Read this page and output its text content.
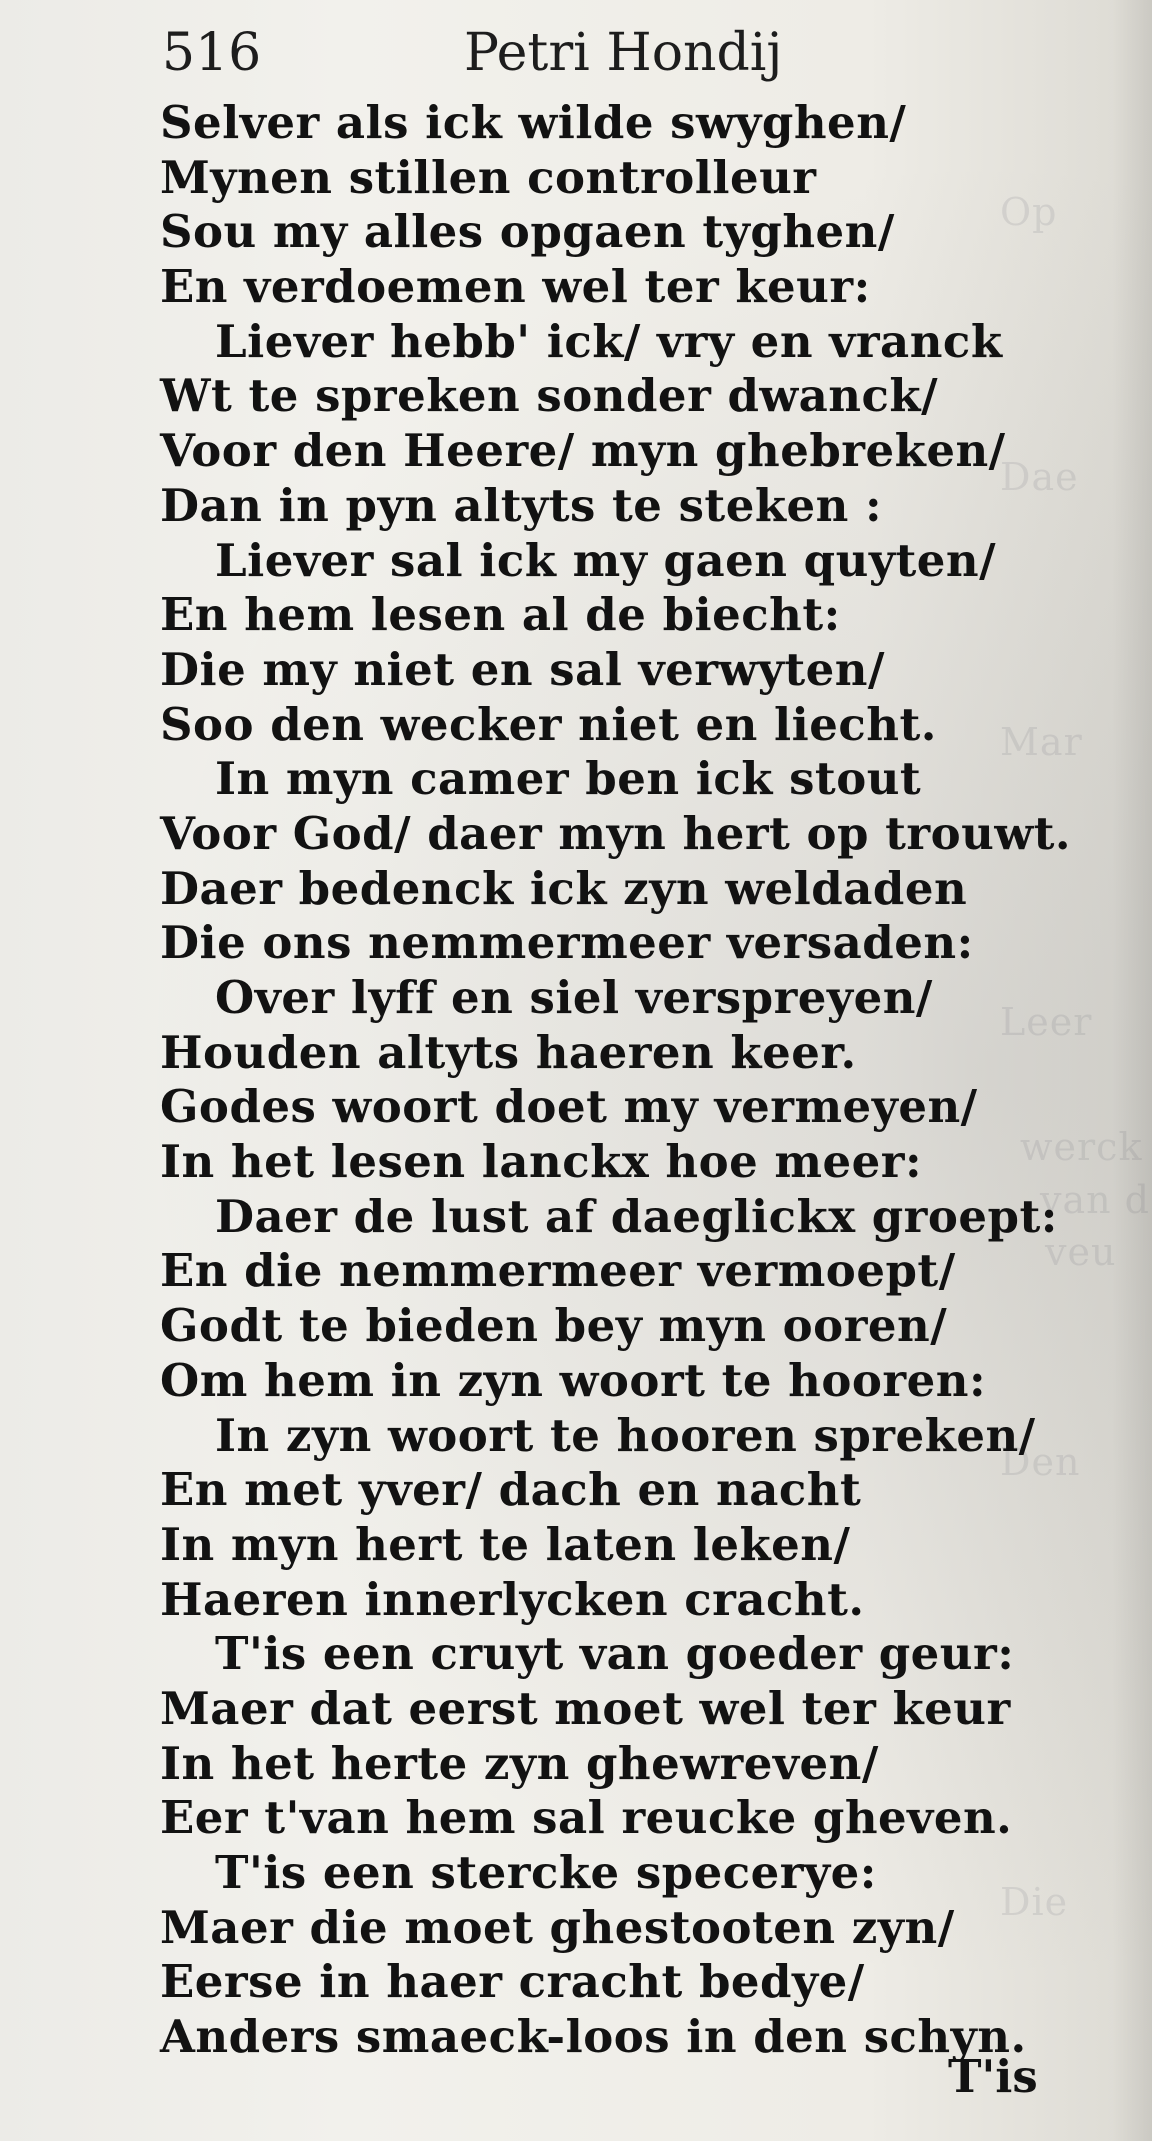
werck
van d
veu
Op
Dae
Mar
Leer
Den
Die
516	Petri Hondij
Selver als ick wilde swyghen/
Mynen stillen controlleur
Sou my alles opgaen tyghen/
En verdoemen wel ter keur:
Liever hebb' ick/ vry en vranck
Wt te spreken sonder dwanck/
Voor den Heere/ myn ghebreken/
Dan in pyn altyts te steken :
Liever sal ick my gaen quyten/
En hem lesen al de biecht:
Die my niet en sal verwyten/
Soo den wecker niet en liecht.
In myn camer ben ick stout
Voor God/ daer myn hert op trouwt.
Daer bedenck ick zyn weldaden
Die ons nemmermeer versaden:
Over lyff en siel verspreyen/
Houden altyts haeren keer.
Godes woort doet my vermeyen/
In het lesen lanckx hoe meer:
Daer de lust af daeglickx groept:
En die nemmermeer vermoept/
Godt te bieden bey myn ooren/
Om hem in zyn woort te hooren:
In zyn woort te hooren spreken/
En met yver/ dach en nacht
In myn hert te laten leken/
Haeren innerlycken cracht.
T'is een cruyt van goeder geur:
Maer dat eerst moet wel ter keur
In het herte zyn ghewreven/
Eer t'van hem sal reucke gheven.
T'is een stercke specerye:
Maer die moet ghestooten zyn/
Eerse in haer cracht bedye/
Anders smaeck-loos in den schyn.
T'is
